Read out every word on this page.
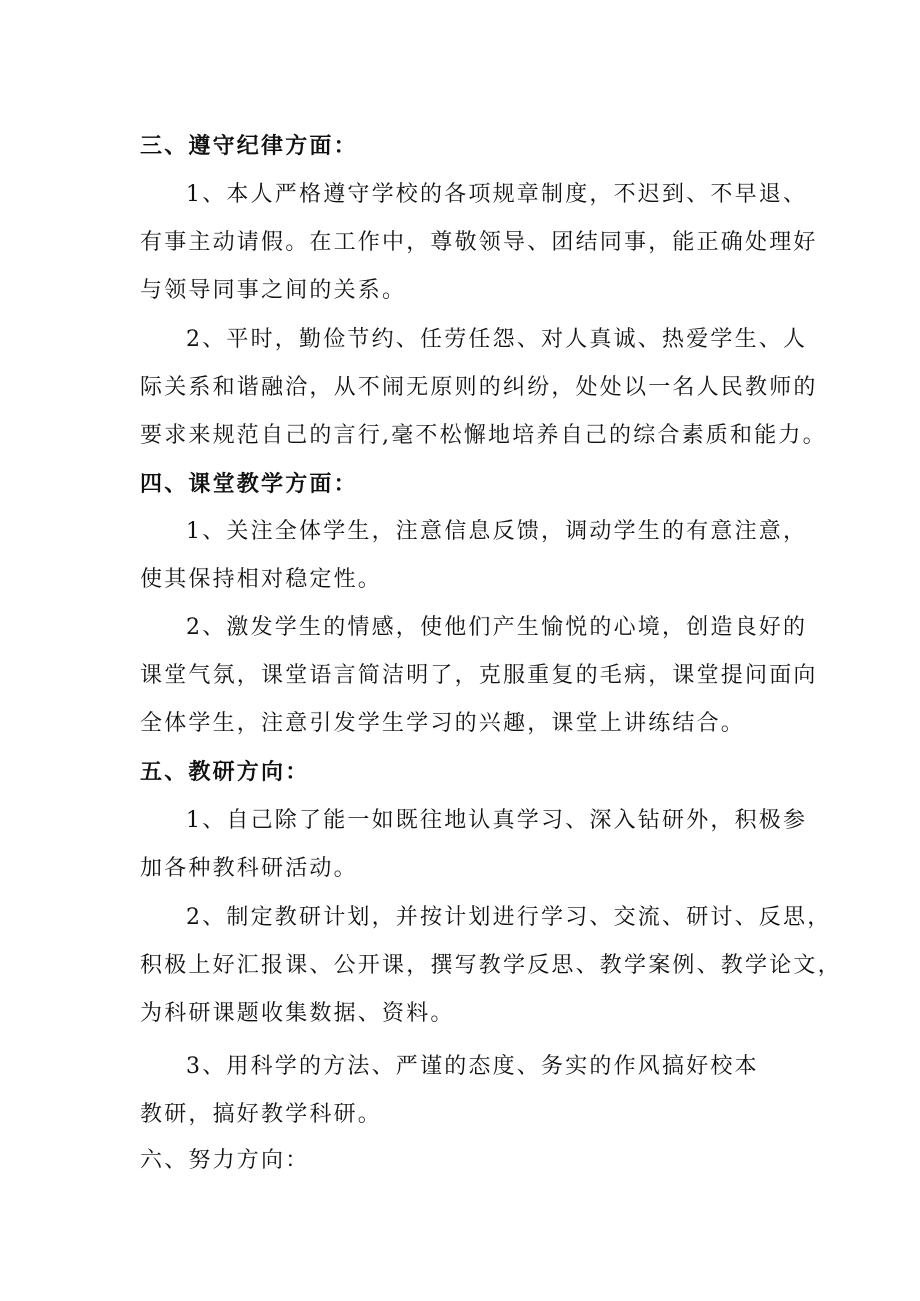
三、遵守纪律方面：
1、本人严格遵守学校的各项规章制度，不迟到、不早退、
有事主动请假。在工作中，尊敬领导、团结同事，能正确处理好
与领导同事之间的关系。
2、平时，勤俭节约、任劳任怨、对人真诚、热爱学生、人
际关系和谐融洽，从不闹无原则的纠纷，处处以一名人民教师的
要求来规范自己的言行,毫不松懈地培养自己的综合素质和能力。
四、课堂教学方面：
1、关注全体学生，注意信息反馈，调动学生的有意注意，
使其保持相对稳定性。
2、激发学生的情感，使他们产生愉悦的心境，创造良好的
课堂气氛，课堂语言简洁明了，克服重复的毛病，课堂提问面向
全体学生，注意引发学生学习的兴趣，课堂上讲练结合。
五、教研方向：
1、自己除了能一如既往地认真学习、深入钻研外，积极参
加各种教科研活动。
2、制定教研计划，并按计划进行学习、交流、研讨、反思，
积极上好汇报课、公开课，撰写教学反思、教学案例、教学论文，
为科研课题收集数据、资料。
3、用科学的方法、严谨的态度、务实的作风搞好校本
教研，搞好教学科研。
六、努力方向：
